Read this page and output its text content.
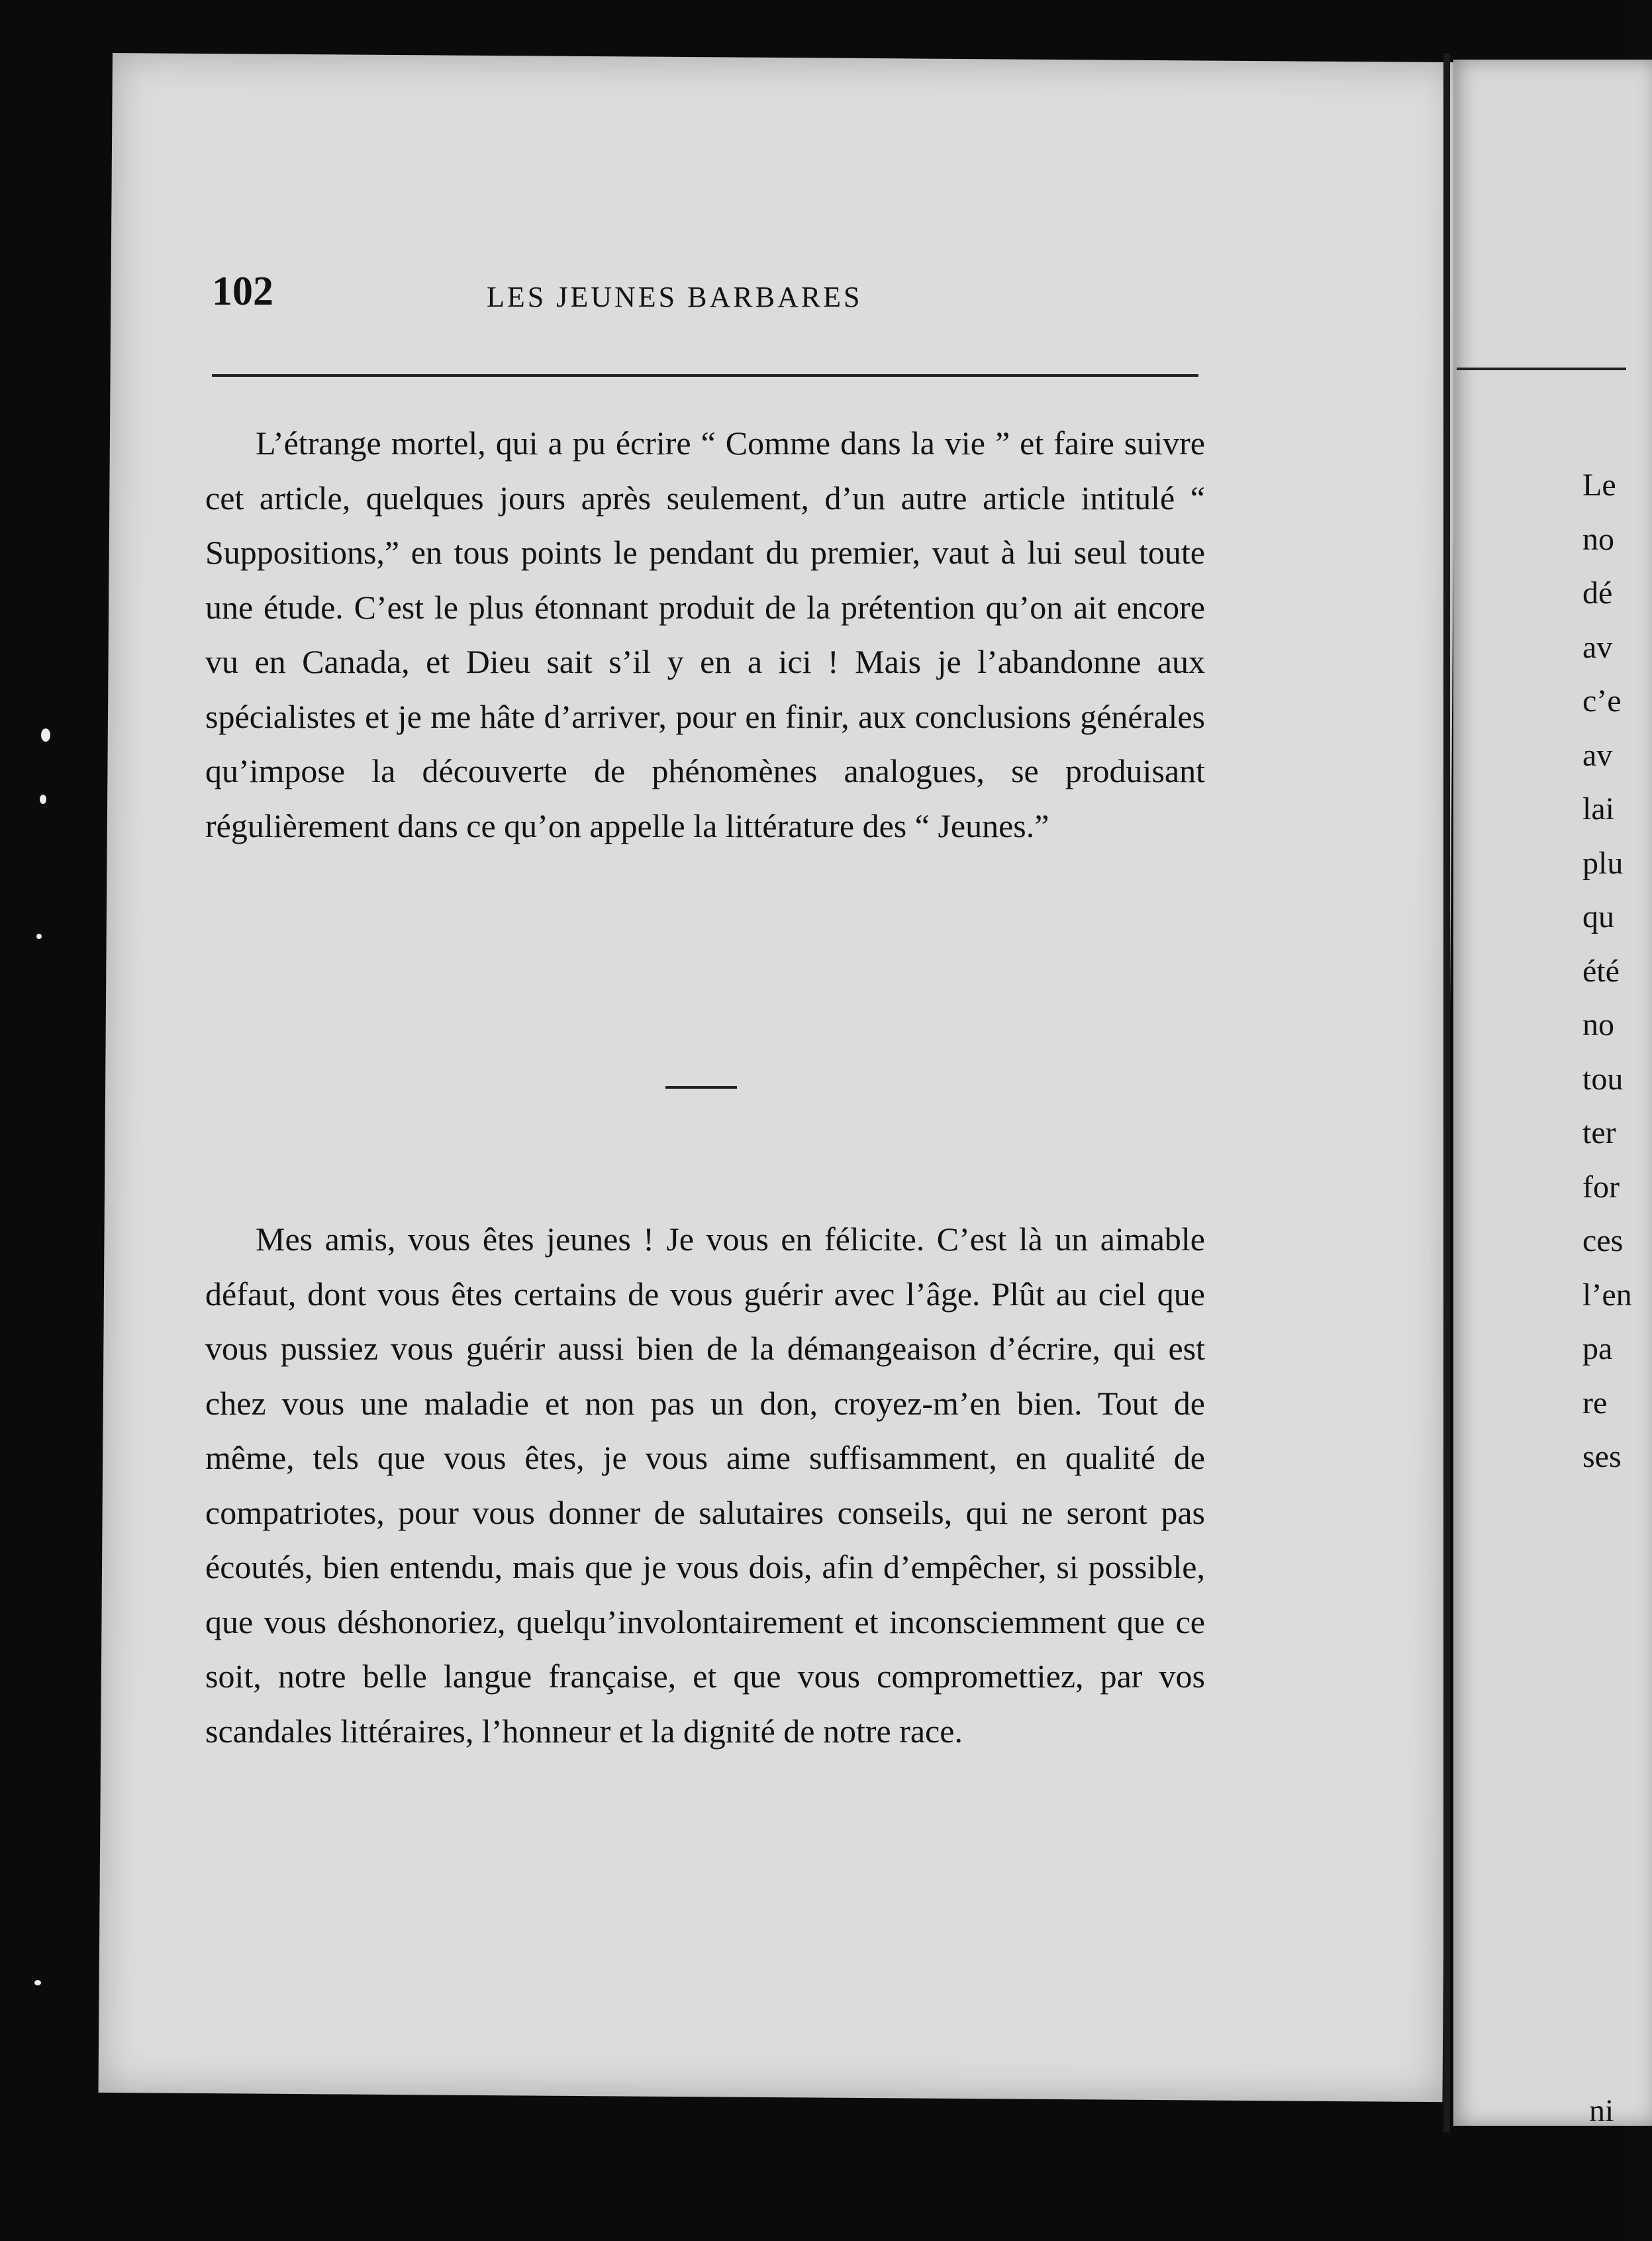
102	LES JEUNES BARBARES

L’étrange mortel, qui a pu écrire “ Comme dans la vie ” et faire suivre cet article, quelques jours après seulement, d’un autre article intitulé “ Suppositions,” en tous points le pendant du premier, vaut à lui seul toute une étude. C’est le plus étonnant produit de la prétention qu’on ait encore vu en Canada, et Dieu sait s’il y en a ici ! Mais je l’abandonne aux spécialistes et je me hâte d’arriver, pour en finir, aux conclusions générales qu’impose la découverte de phénomènes analogues, se produisant régulièrement dans ce qu’on appelle la littérature des “ Jeunes.”

Mes amis, vous êtes jeunes ! Je vous en félicite. C’est là un aimable défaut, dont vous êtes certains de vous guérir avec l’âge. Plût au ciel que vous pussiez vous guérir aussi bien de la démangeaison d’écrire, qui est chez vous une maladie et non pas un don, croyez-m’en bien. Tout de même, tels que vous êtes, je vous aime suffisamment, en qualité de compatriotes, pour vous donner de salutaires conseils, qui ne seront pas écoutés, bien entendu, mais que je vous dois, afin d’empêcher, si possible, que vous déshonoriez, quelqu’involontairement et inconsciemment que ce soit, notre belle langue française, et que vous compromettiez, par vos scandales littéraires, l’honneur et la dignité de notre race.

Le
no
dé
av
c’e
av
lai
plu
qu
été
no
tou
ter
for
ces
l’en
pa
re
ses
ni
